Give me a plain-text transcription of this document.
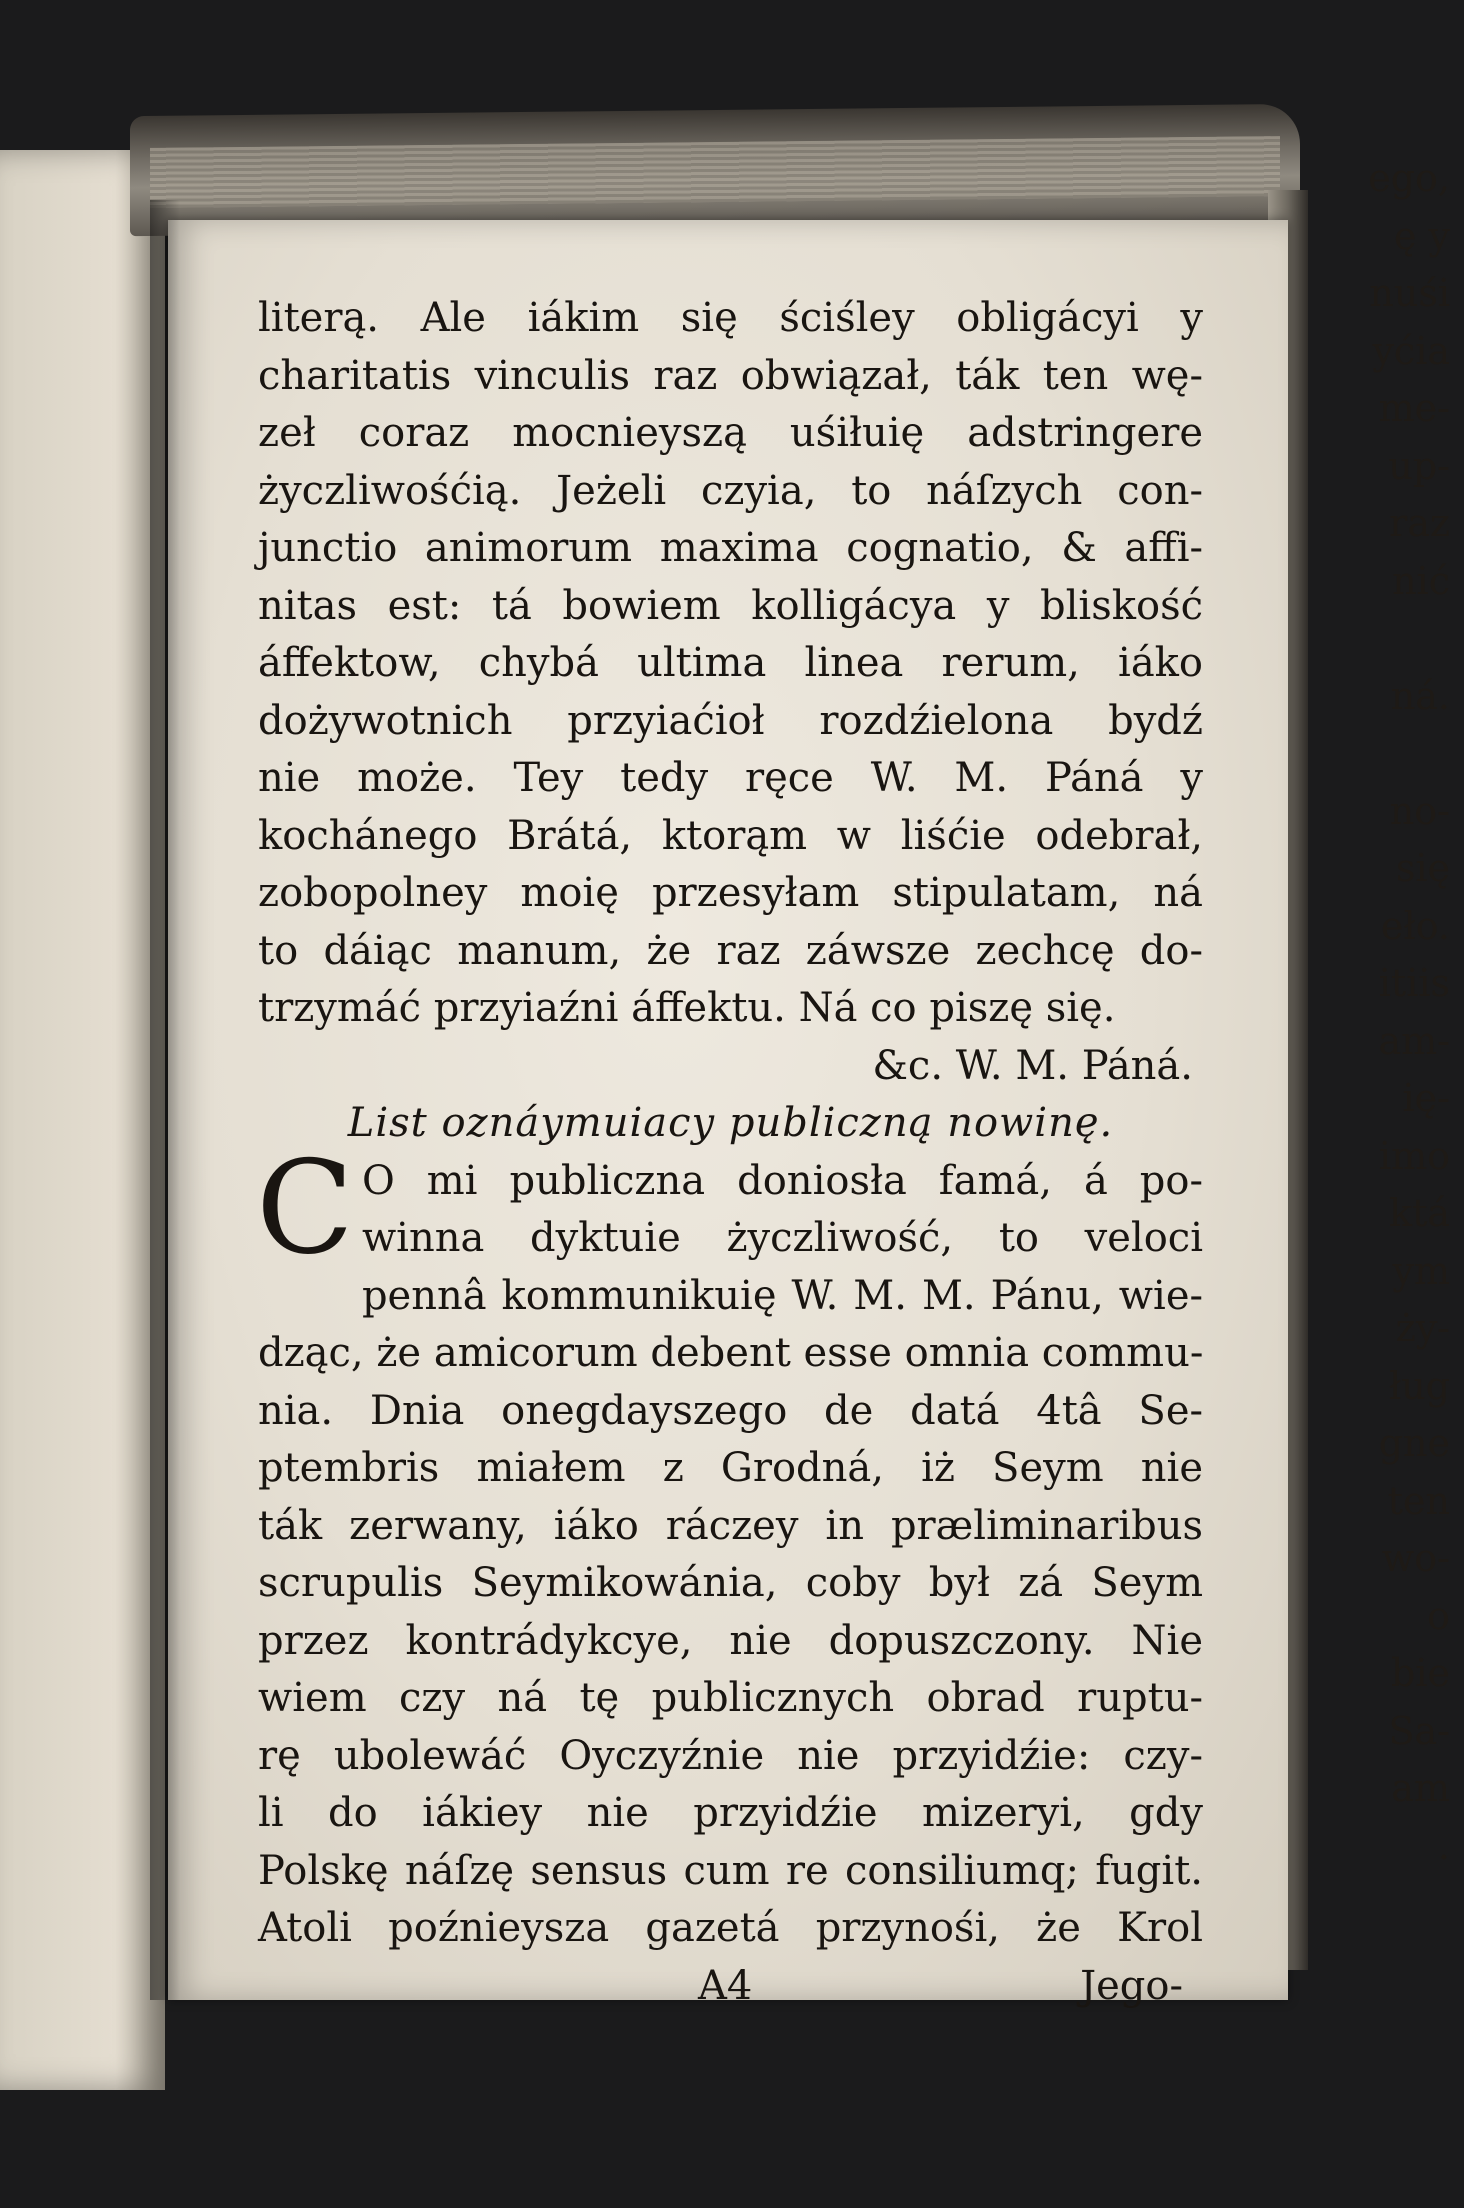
ego,
ę y
nuśi
yćia
me-
up-
raz
nić
ná.
no-
się
eło.
itiis
am-
ię-
imo
ktá
ym
ży-
ług
gne
ten
wo-
o
bie
Sa-
am
.
literą. Ale iákim się ściśley obligácyi y
charitatis vinculis raz obwiązał, ták ten wę-
zeł coraz mocnieyszą uśiłuię adstringere
życzliwośćią. Jeżeli czyia, to náſzych con-
junctio animorum maxima cognatio, & affi-
nitas est: tá bowiem kolligácya y bliskość
áffektow, chybá ultima linea rerum, iáko
dożywotnich przyiaćioł rozdźielona bydź
nie może. Tey tedy ręce W. M. Páná y
kochánego Brátá, ktorąm w liśćie odebrał,
zobopolney moię przesyłam stipulatam, ná
to dáiąc manum, że raz záwsze zechcę do-
trzymáć przyiaźni áffektu. Ná co piszę się.
&c. W. M. Páná.
List oznáymuiacy publiczną nowinę.
C O mi publiczna doniosła famá, á po-
winna dyktuie życzliwość, to veloci
pennâ kommunikuię W. M. M. Pánu, wie-
dząc, że amicorum debent esse omnia commu-
nia. Dnia onegdayszego de datá 4tâ Se-
ptembris miałem z Grodná, iż Seym nie
ták zerwany, iáko ráczey in præliminaribus
scrupulis Seymikowánia, coby był zá Seym
przez kontrádykcye, nie dopuszczony. Nie
wiem czy ná tę publicznych obrad ruptu-
rę ubolewáć Oyczyźnie nie przyidźie: czy-
li do iákiey nie przyidźie mizeryi, gdy
Polskę náſzę sensus cum re consiliumq; fugit.
Atoli poźnieysza gazetá przynośi, że Krol
A4	Jego-
